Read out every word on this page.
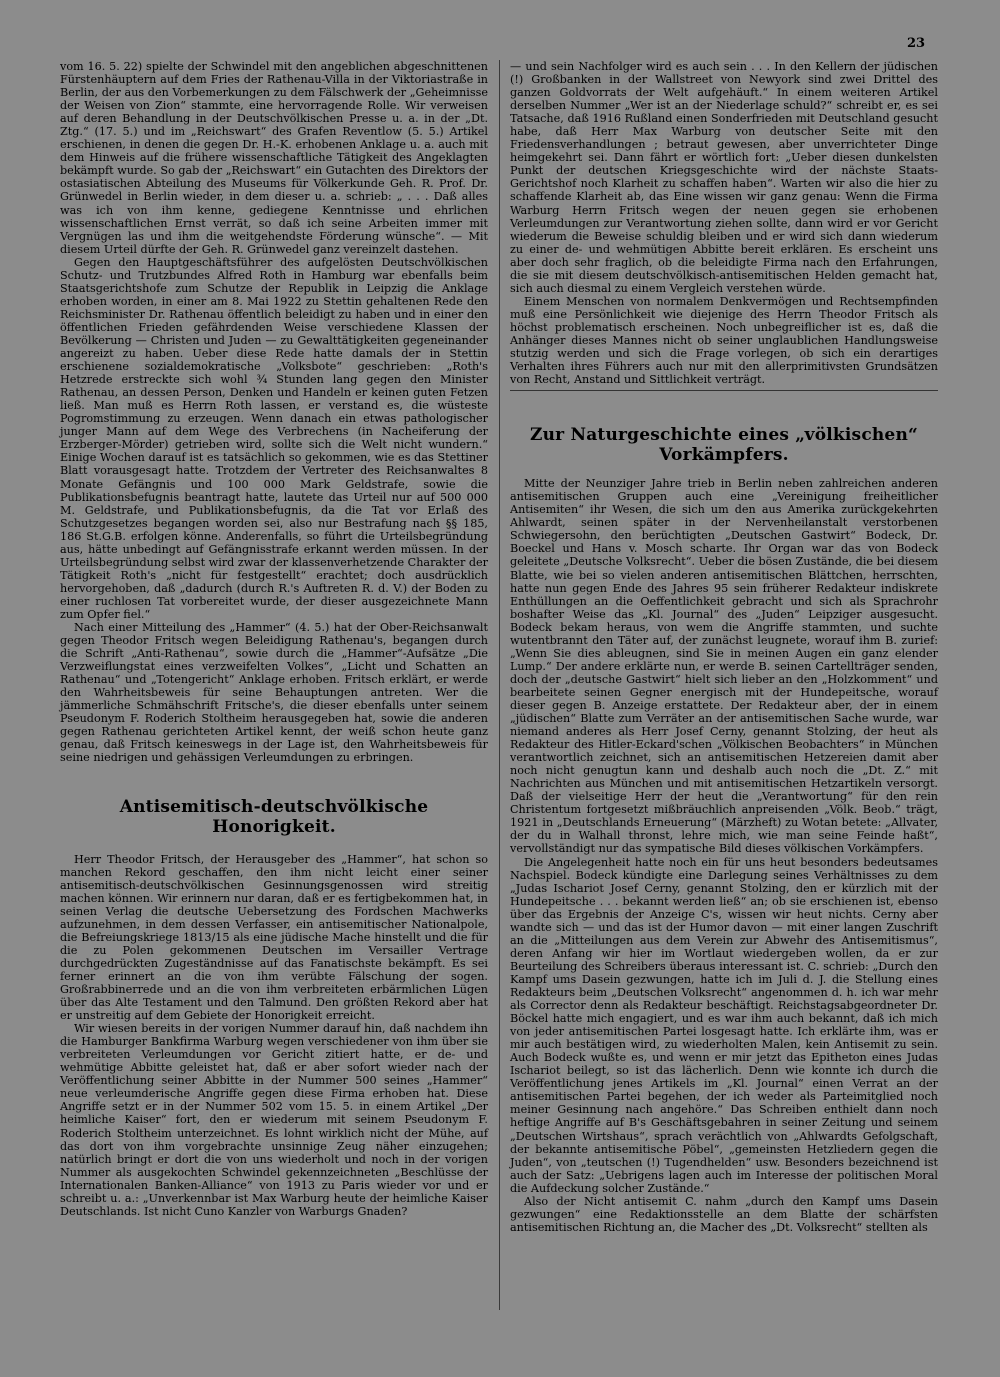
23

vom 16. 5. 22) spielte der Schwindel mit den angeblichen abgeschnittenen Fürstenhäuptern auf dem Fries der Rathenau-Villa in der Viktoriastraße in Berlin, der aus den Vorbemerkungen zu dem Fälschwerk der „Geheimnisse der Weisen von Zion“ stammte, eine hervorragende Rolle. Wir verweisen auf deren Behandlung in der Deutschvölkischen Presse u. a. in der „Dt. Ztg.“ (17. 5.) und im „Reichswart“ des Grafen Reventlow (5. 5.) Artikel erschienen, in denen die gegen Dr. H.-K. erhobenen Anklage u. a. auch mit dem Hinweis auf die frühere wissenschaftliche Tätigkeit des Angeklagten bekämpft wurde. So gab der „Reichswart“ ein Gutachten des Direktors der ostasiatischen Abteilung des Museums für Völkerkunde Geh. R. Prof. Dr. Grünwedel in Berlin wieder, in dem dieser u. a. schrieb: „ . . . Daß alles was ich von ihm kenne, gediegene Kenntnisse und ehrlichen wissenschaftlichen Ernst verrät, so daß ich seine Arbeiten immer mit Vergnügen las und ihm die weitgehendste Förderung wünsche“. — Mit diesem Urteil dürfte der Geh. R. Grünwedel ganz vereinzelt dastehen.

Gegen den Hauptgeschäftsführer des aufgelösten Deutschvölkischen Schutz- und Trutzbundes Alfred Roth in Hamburg war ebenfalls beim Staatsgerichtshofe zum Schutze der Republik in Leipzig die Anklage erhoben worden, in einer am 8. Mai 1922 zu Stettin gehaltenen Rede den Reichsminister Dr. Rathenau öffentlich beleidigt zu haben und in einer den öffentlichen Frieden gefährdenden Weise verschiedene Klassen der Bevölkerung — Christen und Juden — zu Gewalttätigkeiten gegeneinander angereizt zu haben. Ueber diese Rede hatte damals der in Stettin erschienene sozialdemokratische „Volksbote“ geschrieben: „Roth's Hetzrede erstreckte sich wohl ¾ Stunden lang gegen den Minister Rathenau, an dessen Person, Denken und Handeln er keinen guten Fetzen ließ. Man muß es Herrn Roth lassen, er verstand es, die wüsteste Pogromstimmung zu erzeugen. Wenn danach ein etwas pathologischer junger Mann auf dem Wege des Verbrechens (in Nacheiferung der Erzberger-Mörder) getrieben wird, sollte sich die Welt nicht wundern.“ Einige Wochen darauf ist es tatsächlich so gekommen, wie es das Stettiner Blatt vorausgesagt hatte. Trotzdem der Vertreter des Reichsanwaltes 8 Monate Gefängnis und 100 000 Mark Geldstrafe, sowie die Publikationsbefugnis beantragt hatte, lautete das Urteil nur auf 500 000 M. Geldstrafe, und Publikationsbefugnis, da die Tat vor Erlaß des Schutzgesetzes begangen worden sei, also nur Bestrafung nach §§ 185, 186 St.G.B. erfolgen könne. Anderenfalls, so führt die Urteilsbegründung aus, hätte unbedingt auf Gefängnisstrafe erkannt werden müssen. In der Urteilsbegründung selbst wird zwar der klassenverhetzende Charakter der Tätigkeit Roth's „nicht für festgestellt“ erachtet; doch ausdrücklich hervorgehoben, daß „dadurch (durch R.'s Auftreten R. d. V.) der Boden zu einer ruchlosen Tat vorbereitet wurde, der dieser ausgezeichnete Mann zum Opfer fiel.“

Nach einer Mitteilung des „Hammer“ (4. 5.) hat der Ober-Reichsanwalt gegen Theodor Fritsch wegen Beleidigung Rathenau's, begangen durch die Schrift „Anti-Rathenau“, sowie durch die „Hammer“-Aufsätze „Die Verzweiflungstat eines verzweifelten Volkes“, „Licht und Schatten an Rathenau“ und „Totengericht“ Anklage erhoben. Fritsch erklärt, er werde den Wahrheitsbeweis für seine Behauptungen antreten. Wer die jämmerliche Schmähschrift Fritsche's, die dieser ebenfalls unter seinem Pseudonym F. Roderich Stoltheim herausgegeben hat, sowie die anderen gegen Rathenau gerichteten Artikel kennt, der weiß schon heute ganz genau, daß Fritsch keineswegs in der Lage ist, den Wahrheitsbeweis für seine niedrigen und gehässigen Verleumdungen zu erbringen.

Antisemitisch-deutschvölkische Honorigkeit.

Herr Theodor Fritsch, der Herausgeber des „Hammer“, hat schon so manchen Rekord geschaffen, den ihm nicht leicht einer seiner antisemitisch-deutschvölkischen Gesinnungsgenossen wird streitig machen können. Wir erinnern nur daran, daß er es fertigbekommen hat, in seinen Verlag die deutsche Uebersetzung des Fordschen Machwerks aufzunehmen, in dem dessen Verfasser, ein antisemitischer Nationalpole, die Befreiungskriege 1813/15 als eine jüdische Mache hinstellt und die für die zu Polen gekommenen Deutschen im Versailler Vertrage durchgedrückten Zugeständnisse auf das Fanatischste bekämpft. Es sei ferner erinnert an die von ihm verübte Fälschung der sogen. Großrabbinerrede und an die von ihm verbreiteten erbärmlichen Lügen über das Alte Testament und den Talmund. Den größten Rekord aber hat er unstreitig auf dem Gebiete der Honorigkeit erreicht.

Wir wiesen bereits in der vorigen Nummer darauf hin, daß nachdem ihn die Hamburger Bankfirma Warburg wegen verschiedener von ihm über sie verbreiteten Verleumdungen vor Gericht zitiert hatte, er de- und wehmütige Abbitte geleistet hat, daß er aber sofort wieder nach der Veröffentlichung seiner Abbitte in der Nummer 500 seines „Hammer“ neue verleumderische Angriffe gegen diese Firma erhoben hat. Diese Angriffe setzt er in der Nummer 502 vom 15. 5. in einem Artikel „Der heimliche Kaiser“ fort, den er wiederum mit seinem Pseudonym F. Roderich Stoltheim unterzeichnet. Es lohnt wirklich nicht der Mühe, auf das dort von ihm vorgebrachte unsinnige Zeug näher einzugehen; natürlich bringt er dort die von uns wiederholt und noch in der vorigen Nummer als ausgekochten Schwindel gekennzeichneten „Beschlüsse der Internationalen Banken-Alliance“ von 1913 zu Paris wieder vor und er schreibt u. a.: „Unverkennbar ist Max Warburg heute der heimliche Kaiser Deutschlands. Ist nicht Cuno Kanzler von Warburgs Gnaden?

— und sein Nachfolger wird es auch sein . . . In den Kellern der jüdischen (!) Großbanken in der Wallstreet von Newyork sind zwei Drittel des ganzen Goldvorrats der Welt aufgehäuft.“ In einem weiteren Artikel derselben Nummer „Wer ist an der Niederlage schuld?“ schreibt er, es sei Tatsache, daß 1916 Rußland einen Sonderfrieden mit Deutschland gesucht habe, daß Herr Max Warburg von deutscher Seite mit den Friedensverhandlungen ; betraut gewesen, aber unverrichteter Dinge heimgekehrt sei. Dann fährt er wörtlich fort: „Ueber diesen dunkelsten Punkt der deutschen Kriegsgeschichte wird der nächste Staats-Gerichtshof noch Klarheit zu schaffen haben“. Warten wir also die hier zu schaffende Klarheit ab, das Eine wissen wir ganz genau: Wenn die Firma Warburg Herrn Fritsch wegen der neuen gegen sie erhobenen Verleumdungen zur Verantwortung ziehen sollte, dann wird er vor Gericht wiederum die Beweise schuldig bleiben und er wird sich dann wiederum zu einer de- und wehmütigen Abbitte bereit erklären. Es erscheint uns aber doch sehr fraglich, ob die beleidigte Firma nach den Erfahrungen, die sie mit diesem deutschvölkisch-antisemitischen Helden gemacht hat, sich auch diesmal zu einem Vergleich verstehen würde.

Einem Menschen von normalem Denkvermögen und Rechtsempfinden muß eine Persönlichkeit wie diejenige des Herrn Theodor Fritsch als höchst problematisch erscheinen. Noch unbegreiflicher ist es, daß die Anhänger dieses Mannes nicht ob seiner unglaublichen Handlungsweise stutzig werden und sich die Frage vorlegen, ob sich ein derartiges Verhalten ihres Führers auch nur mit den allerprimitivsten Grundsätzen von Recht, Anstand und Sittlichkeit verträgt.

Zur Naturgeschichte eines „völkischen“ Vorkämpfers.

Mitte der Neunziger Jahre trieb in Berlin neben zahlreichen anderen antisemitischen Gruppen auch eine „Vereinigung freiheitlicher Antisemiten“ ihr Wesen, die sich um den aus Amerika zurückgekehrten Ahlwardt, seinen später in der Nervenheilanstalt verstorbenen Schwiegersohn, den berüchtigten „Deutschen Gastwirt“ Bodeck, Dr. Boeckel und Hans v. Mosch scharte. Ihr Organ war das von Bodeck geleitete „Deutsche Volksrecht“. Ueber die bösen Zustände, die bei diesem Blatte, wie bei so vielen anderen antisemitischen Blättchen, herrschten, hatte nun gegen Ende des Jahres 95 sein früherer Redakteur indiskrete Enthüllungen an die Oeffentlichkeit gebracht und sich als Sprachrohr boshafter Weise das „Kl. Journal“ des „Juden“ Leipziger ausgesucht. Bodeck bekam heraus, von wem die Angriffe stammten, und suchte wutentbrannt den Täter auf, der zunächst leugnete, worauf ihm B. zurief: „Wenn Sie dies ableugnen, sind Sie in meinen Augen ein ganz elender Lump.“ Der andere erklärte nun, er werde B. seinen Cartellträger senden, doch der „deutsche Gastwirt“ hielt sich lieber an den „Holzkomment“ und bearbeitete seinen Gegner energisch mit der Hundepeitsche, worauf dieser gegen B. Anzeige erstattete. Der Redakteur aber, der in einem „jüdischen“ Blatte zum Verräter an der antisemitischen Sache wurde, war niemand anderes als Herr Josef Cerny, genannt Stolzing, der heut als Redakteur des Hitler-Eckard'schen „Völkischen Beobachters“ in München verantwortlich zeichnet, sich an antisemitischen Hetzereien damit aber noch nicht genugtun kann und deshalb auch noch die „Dt. Z.“ mit Nachrichten aus München und mit antisemitischen Hetzartikeln versorgt. Daß der vielseitige Herr der heut die „Verantwortung“ für den rein Christentum fortgesetzt mißbräuchlich anpreisenden „Völk. Beob.“ trägt, 1921 in „Deutschlands Erneuerung“ (Märzheft) zu Wotan betete: „Allvater, der du in Walhall thronst, lehre mich, wie man seine Feinde haßt“, vervollständigt nur das sympatische Bild dieses völkischen Vorkämpfers.

Die Angelegenheit hatte noch ein für uns heut besonders bedeutsames Nachspiel. Bodeck kündigte eine Darlegung seines Verhältnisses zu dem „Judas Ischariot Josef Cerny, genannt Stolzing, den er kürzlich mit der Hundepeitsche . . . bekannt werden ließ“ an; ob sie erschienen ist, ebenso über das Ergebnis der Anzeige C's, wissen wir heut nichts. Cerny aber wandte sich — und das ist der Humor davon — mit einer langen Zuschrift an die „Mitteilungen aus dem Verein zur Abwehr des Antisemitismus“, deren Anfang wir hier im Wortlaut wiedergeben wollen, da er zur Beurteilung des Schreibers überaus interessant ist. C. schrieb: „Durch den Kampf ums Dasein gezwungen, hatte ich im Juli d. J. die Stellung eines Redakteurs beim „Deutschen Volksrecht“ angenommen d. h. ich war mehr als Corrector denn als Redakteur beschäftigt. Reichstagsabgeordneter Dr. Böckel hatte mich engagiert, und es war ihm auch bekannt, daß ich mich von jeder antisemitischen Partei losgesagt hatte. Ich erklärte ihm, was er mir auch bestätigen wird, zu wiederholten Malen, kein Antisemit zu sein. Auch Bodeck wußte es, und wenn er mir jetzt das Epitheton eines Judas Ischariot beilegt, so ist das lächerlich. Denn wie konnte ich durch die Veröffentlichung jenes Artikels im „Kl. Journal“ einen Verrat an der antisemitischen Partei begehen, der ich weder als Parteimitglied noch meiner Gesinnung nach angehöre.“ Das Schreiben enthielt dann noch heftige Angriffe auf B's Geschäftsgebahren in seiner Zeitung und seinem „Deutschen Wirtshaus“, sprach verächtlich von „Ahlwardts Gefolgschaft, der bekannte antisemitische Pöbel“, „gemeinsten Hetzliedern gegen die Juden“, von „teutschen (!) Tugendhelden“ usw. Besonders bezeichnend ist auch der Satz: „Uebrigens lagen auch im Interesse der politischen Moral die Aufdeckung solcher Zustände.“

Also der Nicht antisemit C. nahm „durch den Kampf ums Dasein gezwungen“ eine Redaktionsstelle an dem Blatte der schärfsten antisemitischen Richtung an, die Macher des „Dt. Volksrecht“ stellten als
